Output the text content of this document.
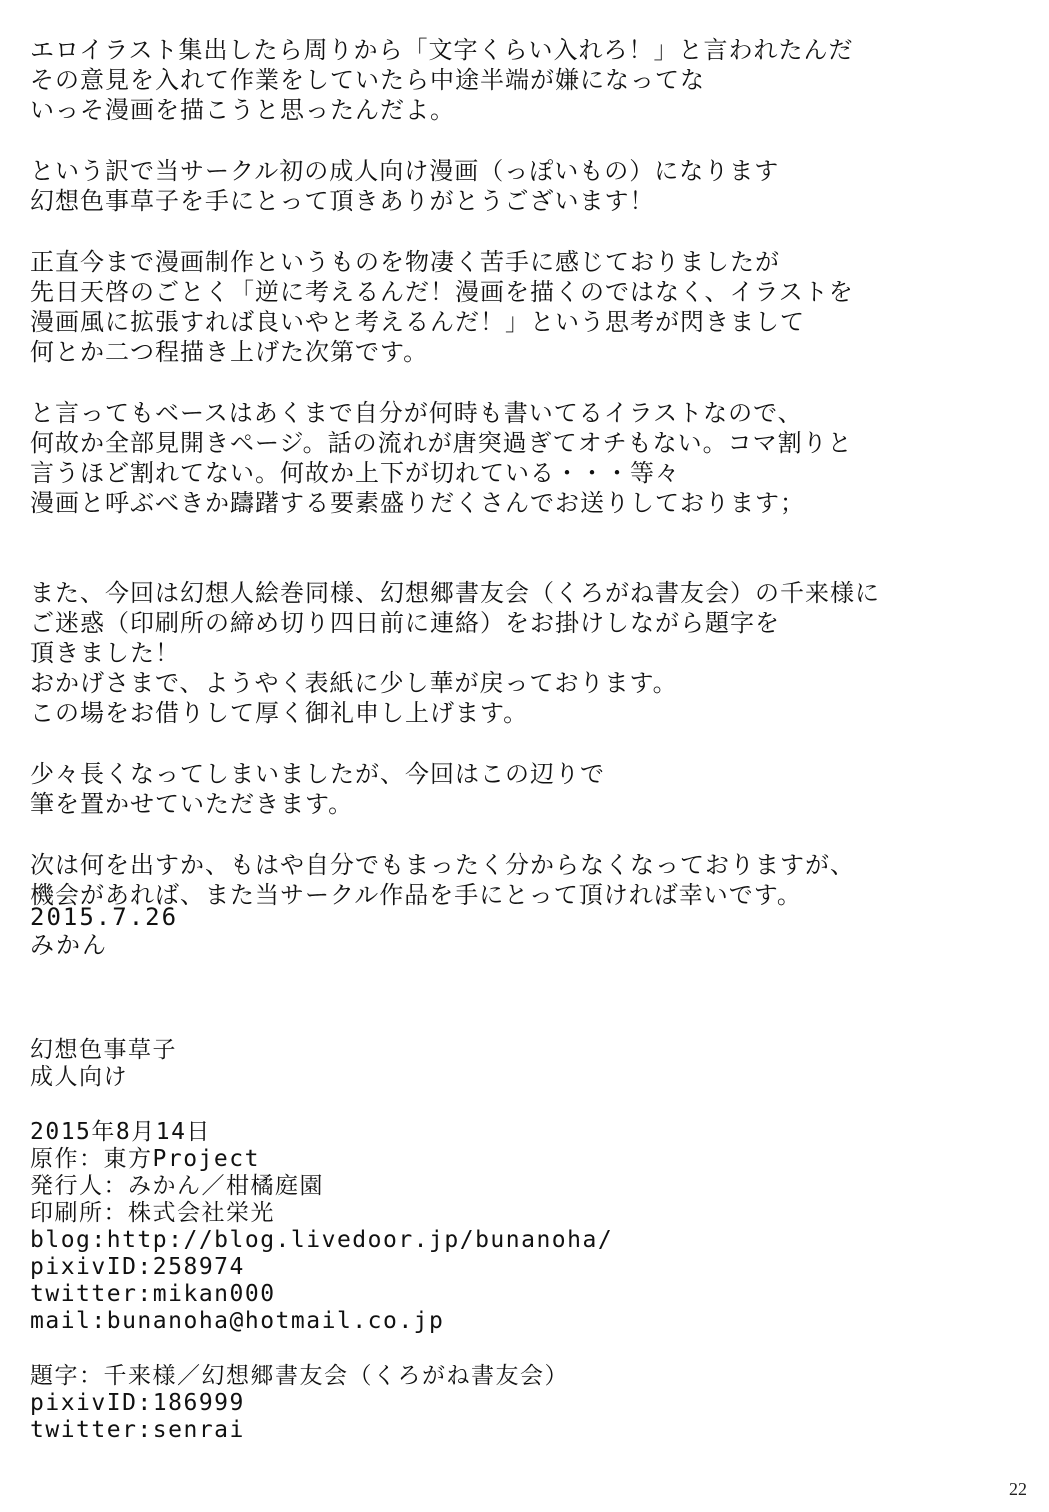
エロイラスト集出したら周りから「文字くらい入れろ！」と言われたんだ
その意見を入れて作業をしていたら中途半端が嫌になってな
いっそ漫画を描こうと思ったんだよ。
という訳で当サークル初の成人向け漫画（っぽいもの）になります
幻想色事草子を手にとって頂きありがとうございます！
正直今まで漫画制作というものを物凄く苦手に感じておりましたが
先日天啓のごとく「逆に考えるんだ！漫画を描くのではなく、イラストを
漫画風に拡張すれば良いやと考えるんだ！」という思考が閃きまして
何とか二つ程描き上げた次第です。
と言ってもベースはあくまで自分が何時も書いてるイラストなので、
何故か全部見開きページ。話の流れが唐突過ぎてオチもない。コマ割りと
言うほど割れてない。何故か上下が切れている・・・等々
漫画と呼ぶべきか躊躇する要素盛りだくさんでお送りしております；
また、今回は幻想人絵巻同様、幻想郷書友会（くろがね書友会）の千来様に
ご迷惑（印刷所の締め切り四日前に連絡）をお掛けしながら題字を
頂きました！
おかげさまで、ようやく表紙に少し華が戻っております。
この場をお借りして厚く御礼申し上げます。
少々長くなってしまいましたが、今回はこの辺りで
筆を置かせていただきます。
次は何を出すか、もはや自分でもまったく分からなくなっておりますが、
機会があれば、また当サークル作品を手にとって頂ければ幸いです。
2015.7.26
みかん
幻想色事草子
成人向け
2015年8月14日
原作：東方Project
発行人：みかん／柑橘庭園
印刷所：株式会社栄光
blog:http://blog.livedoor.jp/bunanoha/
pixivID:258974
twitter:mikan000
mail:bunanoha@hotmail.co.jp
題字：千来様／幻想郷書友会（くろがね書友会）
pixivID:186999
twitter:senrai
22
